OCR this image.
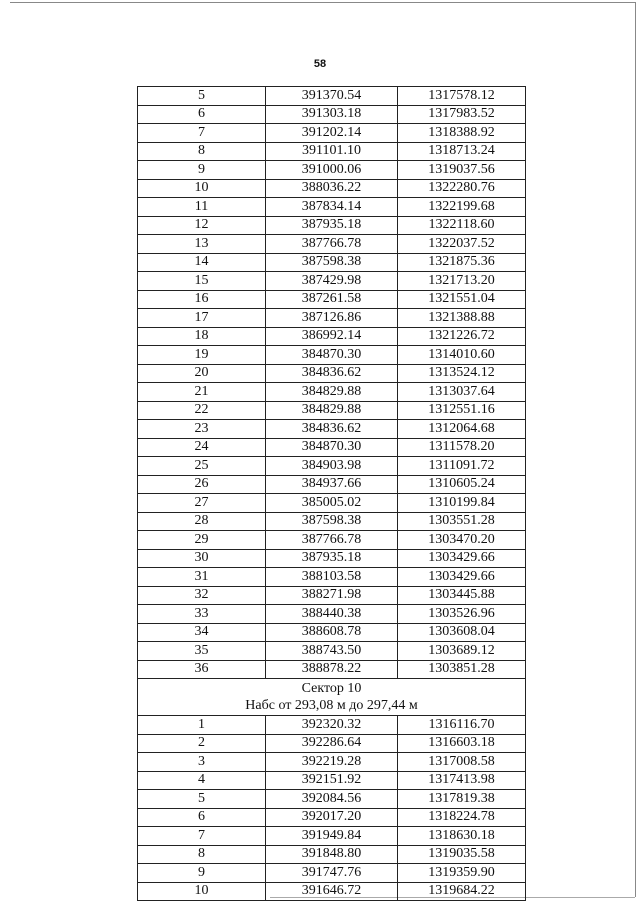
58
5	391370.54	1317578.12
6	391303.18	1317983.52
7	391202.14	1318388.92
8	391101.10	1318713.24
9	391000.06	1319037.56
10	388036.22	1322280.76
11	387834.14	1322199.68
12	387935.18	1322118.60
13	387766.78	1322037.52
14	387598.38	1321875.36
15	387429.98	1321713.20
16	387261.58	1321551.04
17	387126.86	1321388.88
18	386992.14	1321226.72
19	384870.30	1314010.60
20	384836.62	1313524.12
21	384829.88	1313037.64
22	384829.88	1312551.16
23	384836.62	1312064.68
24	384870.30	1311578.20
25	384903.98	1311091.72
26	384937.66	1310605.24
27	385005.02	1310199.84
28	387598.38	1303551.28
29	387766.78	1303470.20
30	387935.18	1303429.66
31	388103.58	1303429.66
32	388271.98	1303445.88
33	388440.38	1303526.96
34	388608.78	1303608.04
35	388743.50	1303689.12
36	388878.22	1303851.28

Сектор 10
Набс от 293,08 м до 297,44 м		

1	392320.32	1316116.70
2	392286.64	1316603.18
3	392219.28	1317008.58
4	392151.92	1317413.98
5	392084.56	1317819.38
6	392017.20	1318224.78
7	391949.84	1318630.18
8	391848.80	1319035.58
9	391747.76	1319359.90
10	391646.72	1319684.22
